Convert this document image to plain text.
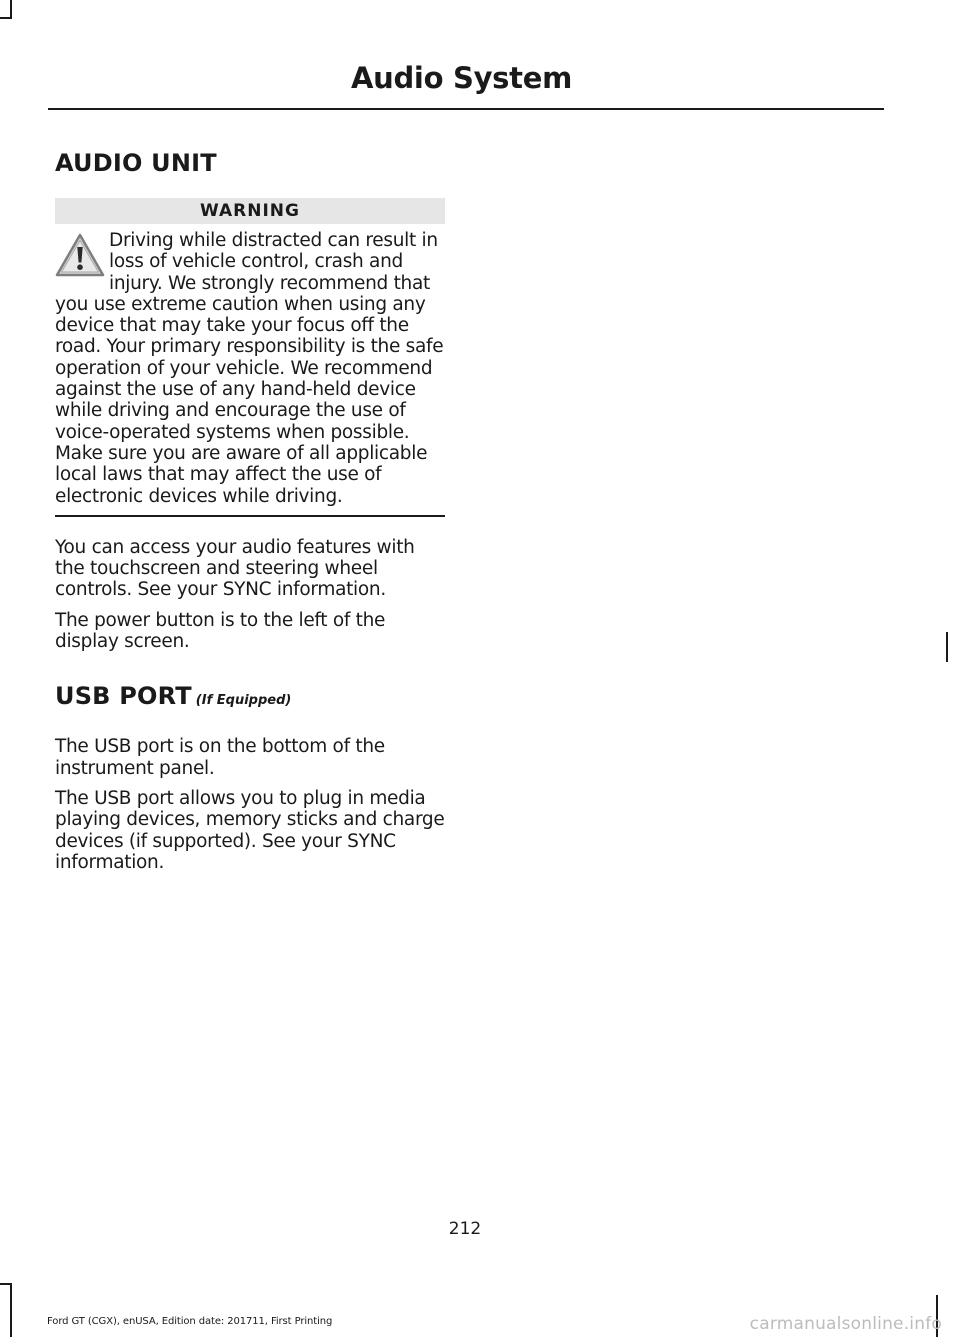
Audio System
AUDIO UNIT
WARNING
Driving while distracted can result in loss of vehicle control, crash and injury. We strongly recommend that you use extreme caution when using any device that may take your focus off the road. Your primary responsibility is the safe operation of your vehicle. We recommend against the use of any hand-held device while driving and encourage the use of voice-operated systems when possible. Make sure you are aware of all applicable local laws that may affect the use of electronic devices while driving.

You can access your audio features with the touchscreen and steering wheel controls. See your SYNC information.

The power button is to the left of the display screen.

USB PORT (If Equipped)

The USB port is on the bottom of the instrument panel.

The USB port allows you to plug in media playing devices, memory sticks and charge devices (if supported). See your SYNC information.

212
Ford GT (CGX), enUSA, Edition date: 201711, First Printing	carmanualsonline.info
